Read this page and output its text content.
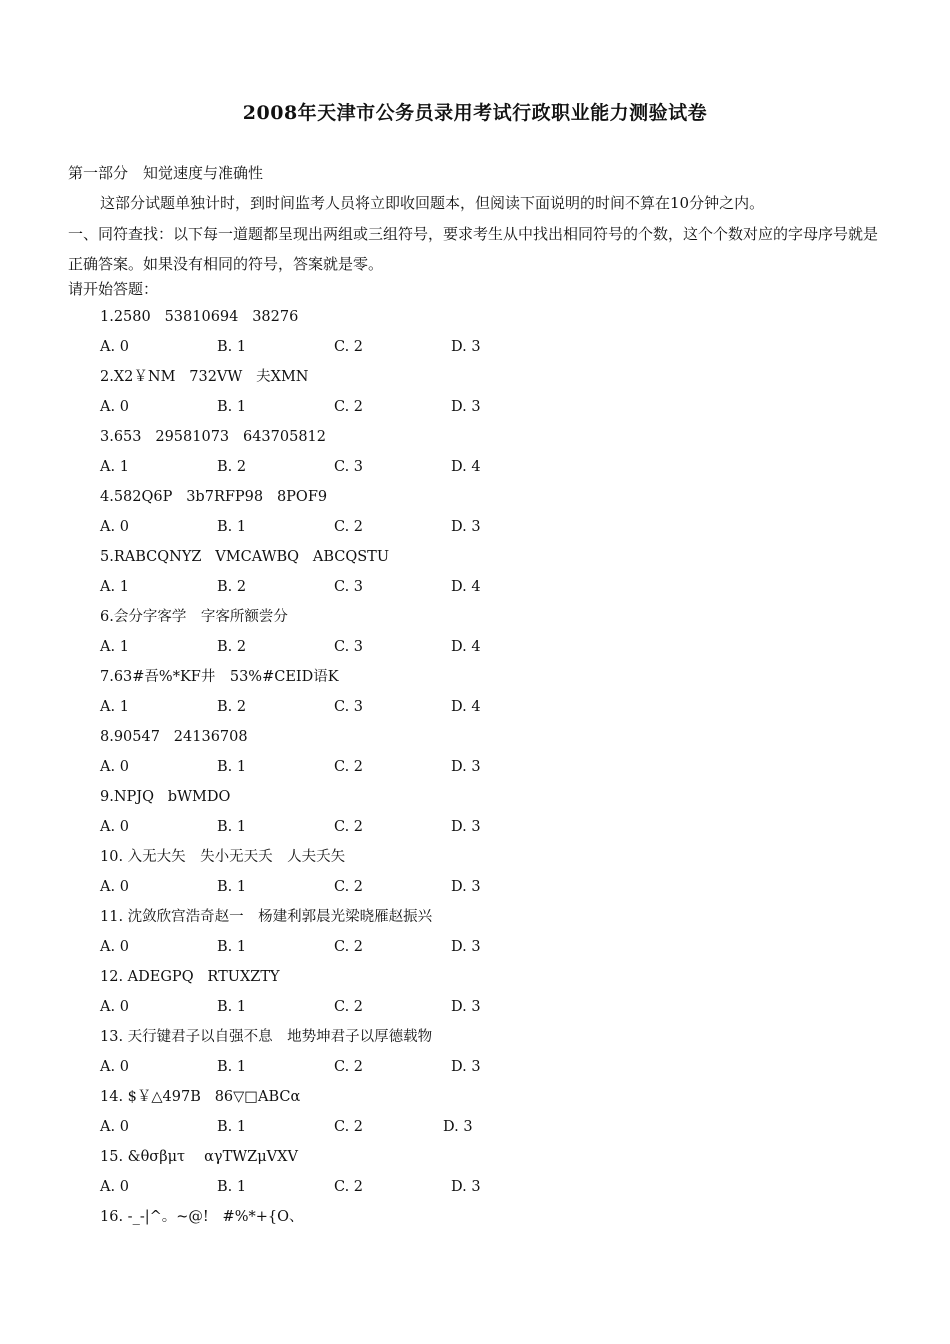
2008年天津市公务员录用考试行政职业能力测验试卷
第一部分　知觉速度与准确性
这部分试题单独计时，到时间监考人员将立即收回题本，但阅读下面说明的时间不算在10分钟之内。
一、同符查找：以下每一道题都呈现出两组或三组符号，要求考生从中找出相同符号的个数，这个个数对应的字母序号就是正确答案。如果没有相同的符号，答案就是零。
请开始答题：
1.2580   53810694   38276
A. 0	B. 1	C. 2	D. 3
2.X2￥NM   732VW   夫XMN
A. 0	B. 1	C. 2	D. 3
3.653   29581073   643705812
A. 1	B. 2	C. 3	D. 4
4.582Q6P   3b7RFP98   8POF9
A. 0	B. 1	C. 2	D. 3
5.RABCQNYZ   VMCAWBQ   ABCQSTU
A. 1	B. 2	C. 3	D. 4
6.会分字客学　字客所额尝分
A. 1	B. 2	C. 3	D. 4
7.63#吾%*KF井　53%#CEID语K
A. 1	B. 2	C. 3	D. 4
8.90547   24136708
A. 0	B. 1	C. 2	D. 3
9.NPJQ   bWMDO
A. 0	B. 1	C. 2	D. 3
10. 入无大矢　失小无天夭　人夫夭矢
A. 0	B. 1	C. 2	D. 3
11. 沈敛欣宫浩奇赵一　杨建利郭晨光梁晓雁赵振兴
A. 0	B. 1	C. 2	D. 3
12. ADEGPQ   RTUXZTY
A. 0	B. 1	C. 2	D. 3
13. 天行键君子以自强不息　地势坤君子以厚德载物
A. 0	B. 1	C. 2	D. 3
14. $￥△497B   86▽□ABCα
A. 0	B. 1	C. 2	D. 3
15. &θσβμτ　 αγTWZμVXV
A. 0	B. 1	C. 2	D. 3
16. -_-|^。~@!   #%*+{O、
